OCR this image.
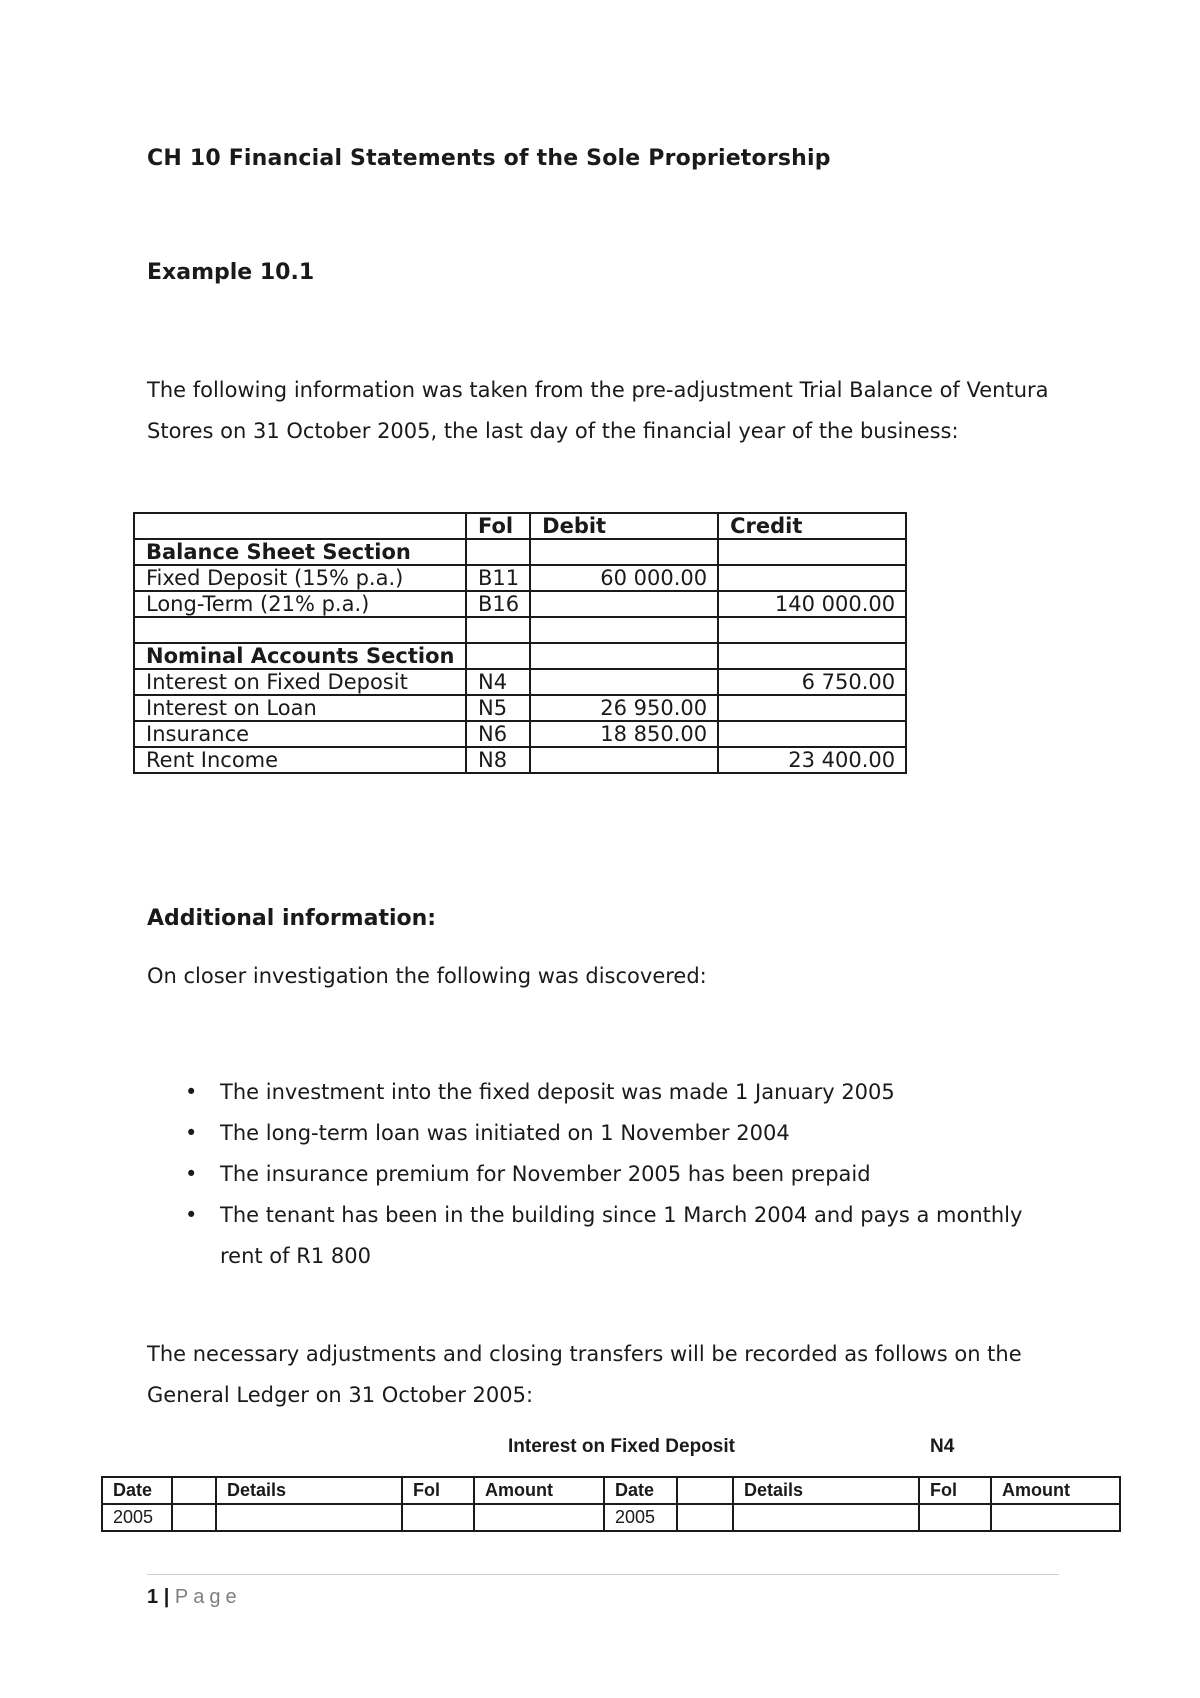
CH 10 Financial Statements of the Sole Proprietorship
Example 10.1
The following information was taken from the pre-adjustment Trial Balance of Ventura Stores on 31 October 2005, the last day of the financial year of the business:
	Fol	Debit	Credit
Balance Sheet Section			
Fixed Deposit (15% p.a.)	B11	60 000.00	
Long-Term (21% p.a.)	B16		140 000.00

Nominal Accounts Section			
Interest on Fixed Deposit	N4		6 750.00
Interest on Loan	N5	26 950.00	
Insurance	N6	18 850.00	
Rent Income	N8		23 400.00
Additional information:
On closer investigation the following was discovered:
• The investment into the fixed deposit was made 1 January 2005
• The long-term loan was initiated on 1 November 2004
• The insurance premium for November 2005 has been prepaid
• The tenant has been in the building since 1 March 2004 and pays a monthly rent of R1 800
The necessary adjustments and closing transfers will be recorded as follows on the General Ledger on 31 October 2005:
Interest on Fixed Deposit	N4
Date		Details	Fol	Amount	Date		Details	Fol	Amount
2005					2005				
1 | Page
